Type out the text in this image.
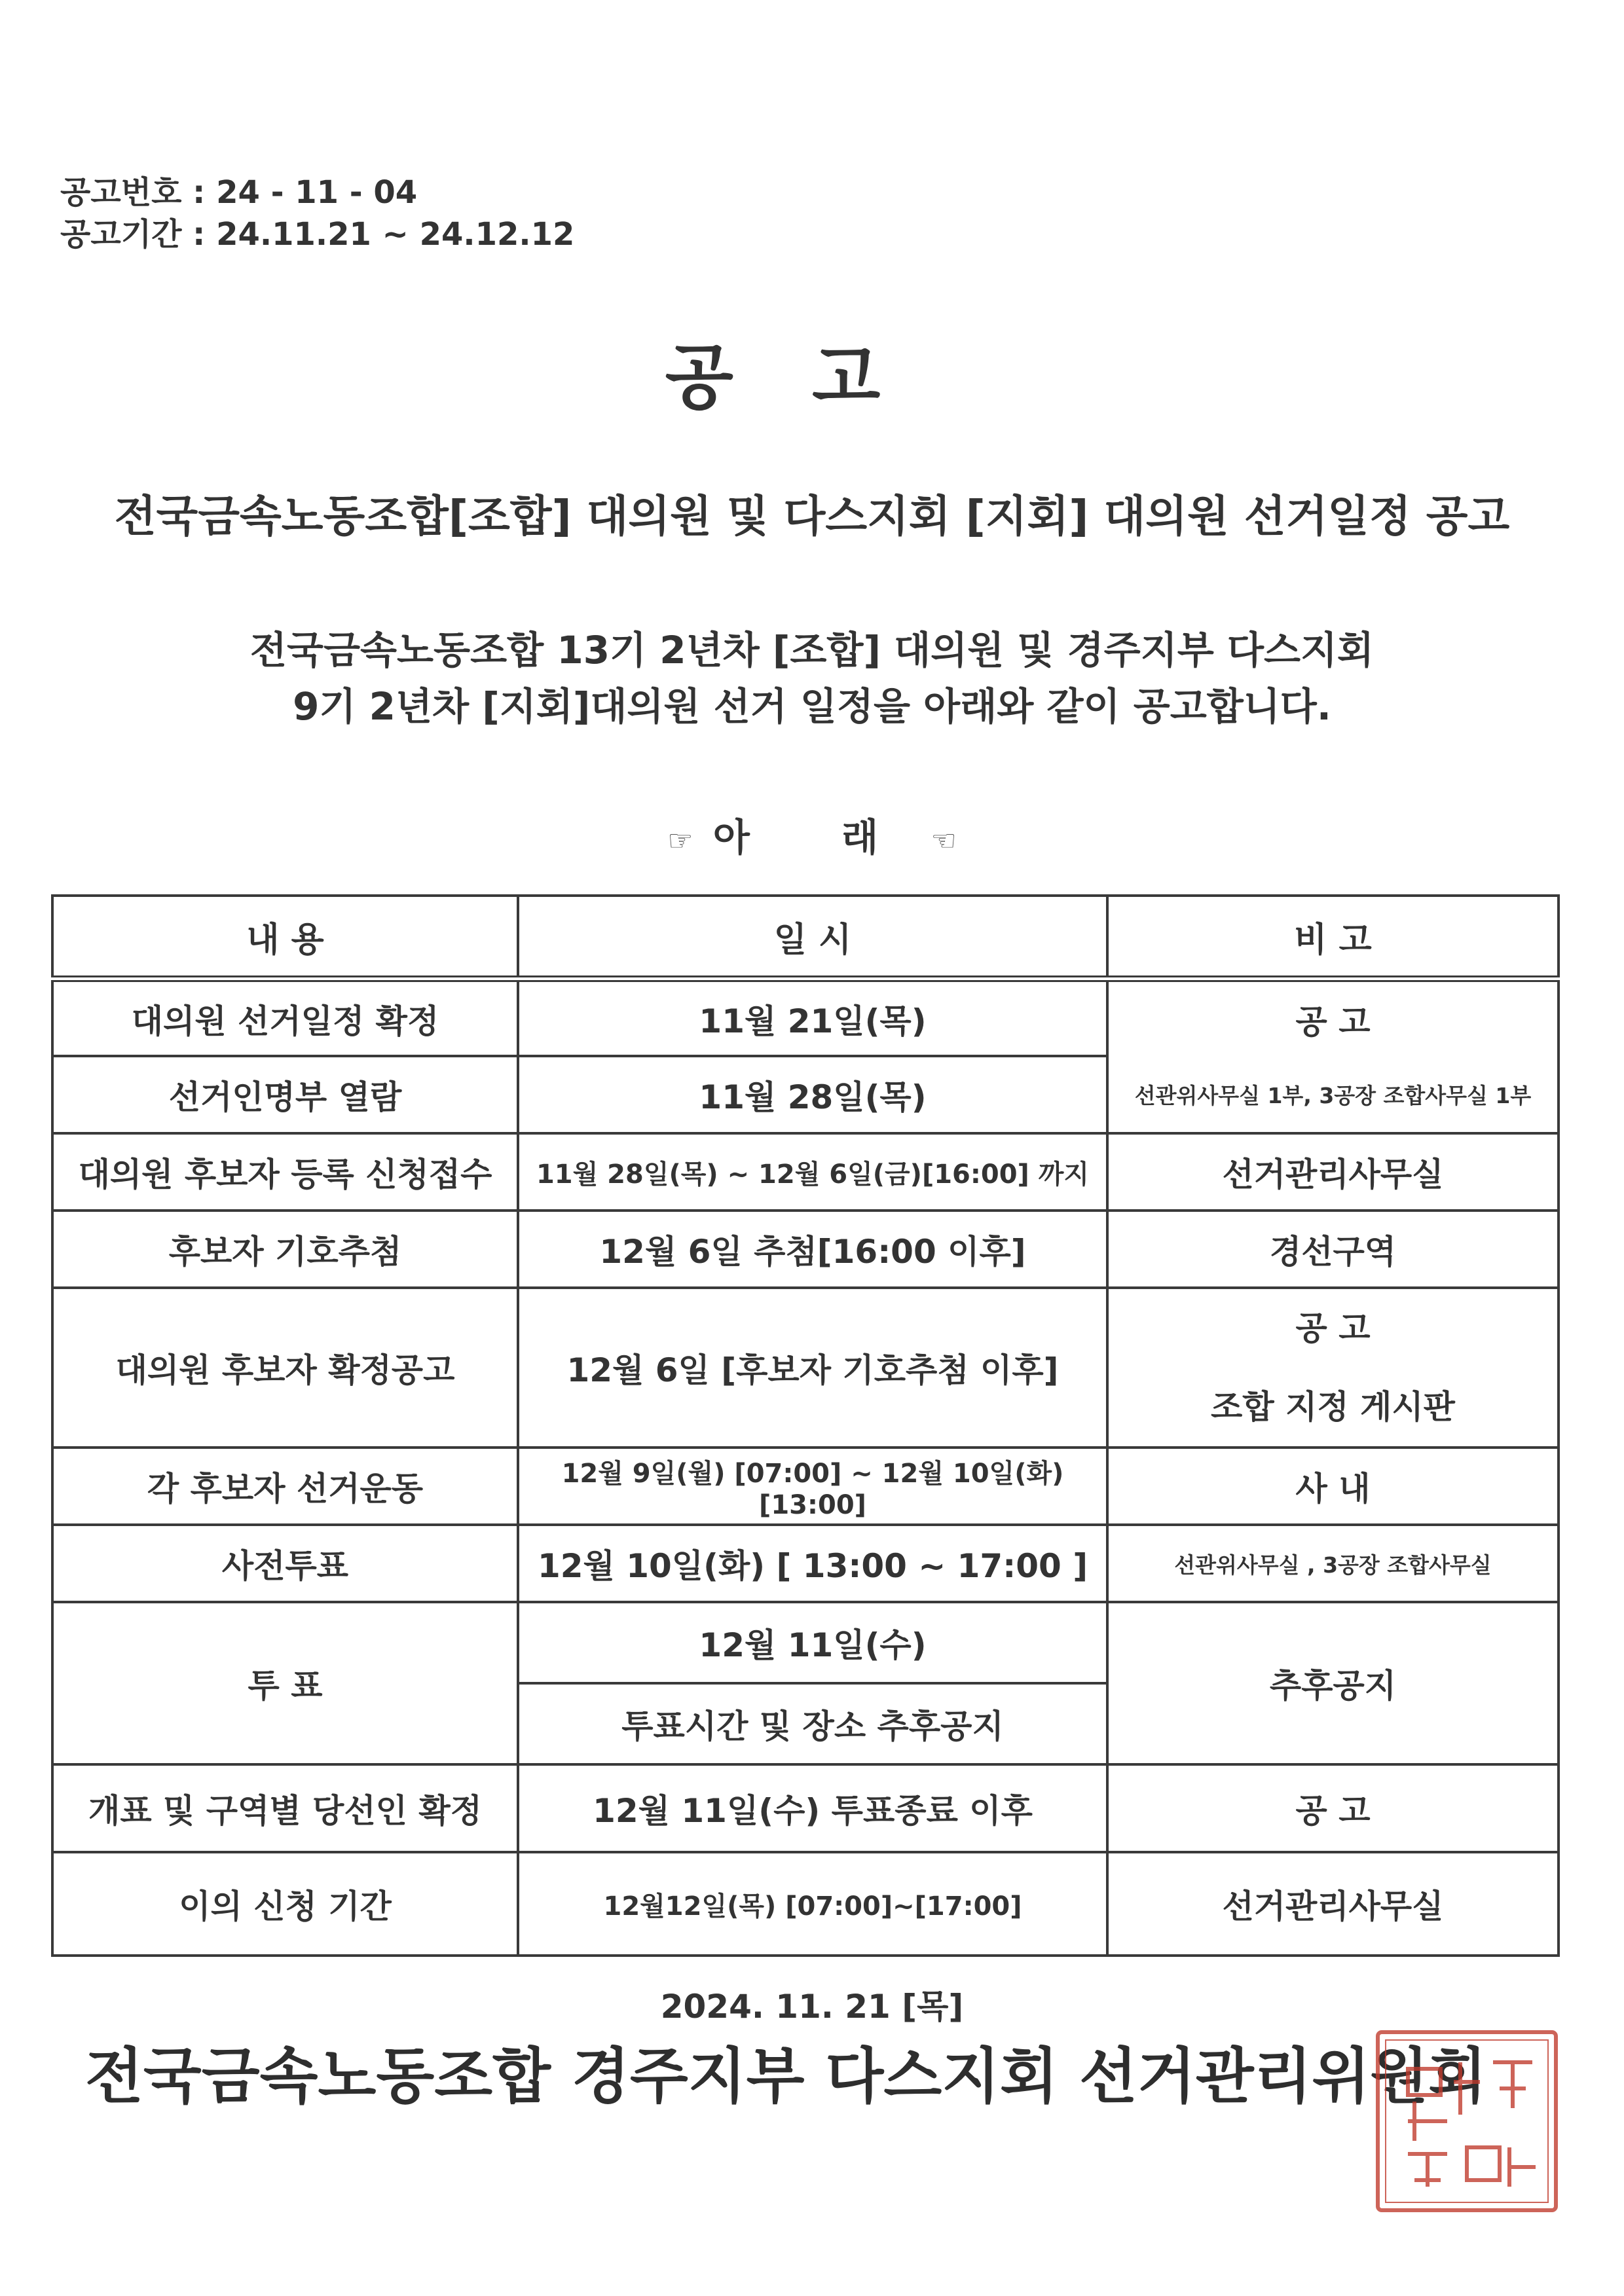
공고번호 : 24 - 11 - 04
공고기간 : 24.11.21 ~ 24.12.12
공고
전국금속노동조합[조합] 대의원 및 다스지회 [지회] 대의원 선거일정 공고
전국금속노동조합 13기 2년차 [조합] 대의원 및 경주지부 다스지회
9기 2년차 [지회]대의원 선거 일정을 아래와 같이 공고합니다.
☞ 아 래 ☜
내 용	일 시	비 고
대의원 선거일정 확정	11월 21일(목)	공 고
선거인명부 열람	11월 28일(목)	선관위사무실 1부, 3공장 조합사무실 1부
대의원 후보자 등록 신청접수	11월 28일(목) ~ 12월 6일(금)[16:00] 까지	선거관리사무실
후보자 기호추첨	12월 6일 추첨[16:00 이후]	경선구역
대의원 후보자 확정공고	12월 6일 [후보자 기호추첨 이후]	공 고
조합 지정 게시판

각 후보자 선거운동	12월 9일(월) [07:00] ~ 12월 10일(화) [13:00]	사 내
사전투표	12월 10일(화) [ 13:00 ~ 17:00 ]	선관위사무실 , 3공장 조합사무실
투 표	12월 11일(수)	추후공지
	투표시간 및 장소 추후공지	
개표 및 구역별 당선인 확정	12월 11일(수) 투표종료 이후	공 고
이의 신청 기간	12월12일(목) [07:00]~[17:00]	선거관리사무실
2024. 11. 21 [목]
전국금속노동조합 경주지부 다스지회 선거관리위원회
